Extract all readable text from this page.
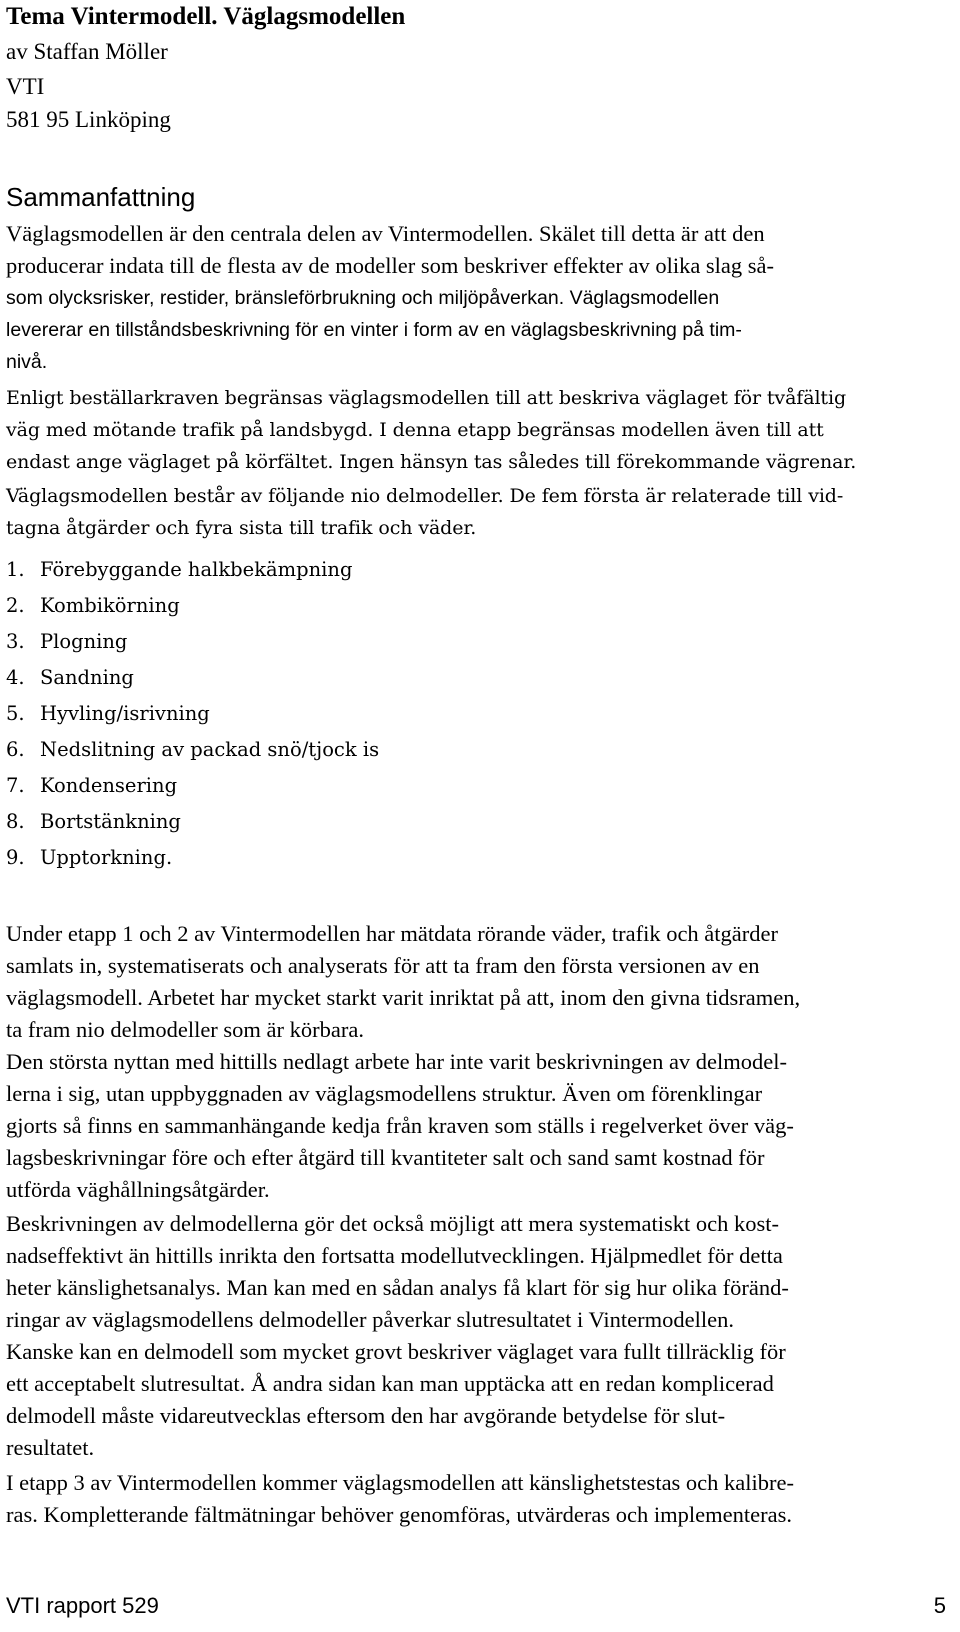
Tema Vintermodell. Väglagsmodellen
av Staffan Möller
VTI
581 95 Linköping
Sammanfattning
Väglagsmodellen är den centrala delen av Vintermodellen. Skälet till detta är att den
producerar indata till de flesta av de modeller som beskriver effekter av olika slag så-
som olycksrisker, restider, bränsleförbrukning och miljöpåverkan. Väglagsmodellen
levererar en tillståndsbeskrivning för en vinter i form av en väglagsbeskrivning på tim-
nivå.
Enligt beställarkraven begränsas väglagsmodellen till att beskriva väglaget för tvåfältig
väg med mötande trafik på landsbygd. I denna etapp begränsas modellen även till att
endast ange väglaget på körfältet. Ingen hänsyn tas således till förekommande vägrenar.
Väglagsmodellen består av följande nio delmodeller. De fem första är relaterade till vid-
tagna åtgärder och fyra sista till trafik och väder.
1. Förebyggande halkbekämpning
2. Kombikörning
3. Plogning
4. Sandning
5. Hyvling/isrivning
6. Nedslitning av packad snö/tjock is
7. Kondensering
8. Bortstänkning
9. Upptorkning.
Under etapp 1 och 2 av Vintermodellen har mätdata rörande väder, trafik och åtgärder
samlats in, systematiserats och analyserats för att ta fram den första versionen av en
väglagsmodell. Arbetet har mycket starkt varit inriktat på att, inom den givna tidsramen,
ta fram nio delmodeller som är körbara.
Den största nyttan med hittills nedlagt arbete har inte varit beskrivningen av delmodel-
lerna i sig, utan uppbyggnaden av väglagsmodellens struktur. Även om förenklingar
gjorts så finns en sammanhängande kedja från kraven som ställs i regelverket över väg-
lagsbeskrivningar före och efter åtgärd till kvantiteter salt och sand samt kostnad för
utförda väghållningsåtgärder.
Beskrivningen av delmodellerna gör det också möjligt att mera systematiskt och kost-
nadseffektivt än hittills inrikta den fortsatta modellutvecklingen. Hjälpmedlet för detta
heter känslighetsanalys. Man kan med en sådan analys få klart för sig hur olika föränd-
ringar av väglagsmodellens delmodeller påverkar slutresultatet i Vintermodellen.
Kanske kan en delmodell som mycket grovt beskriver väglaget vara fullt tillräcklig för
ett acceptabelt slutresultat. Å andra sidan kan man upptäcka att en redan komplicerad
delmodell måste vidareutvecklas eftersom den har avgörande betydelse för slut-
resultatet.
I etapp 3 av Vintermodellen kommer väglagsmodellen att känslighetstestas och kalibre-
ras. Kompletterande fältmätningar behöver genomföras, utvärderas och implementeras.
VTI rapport 529	5
